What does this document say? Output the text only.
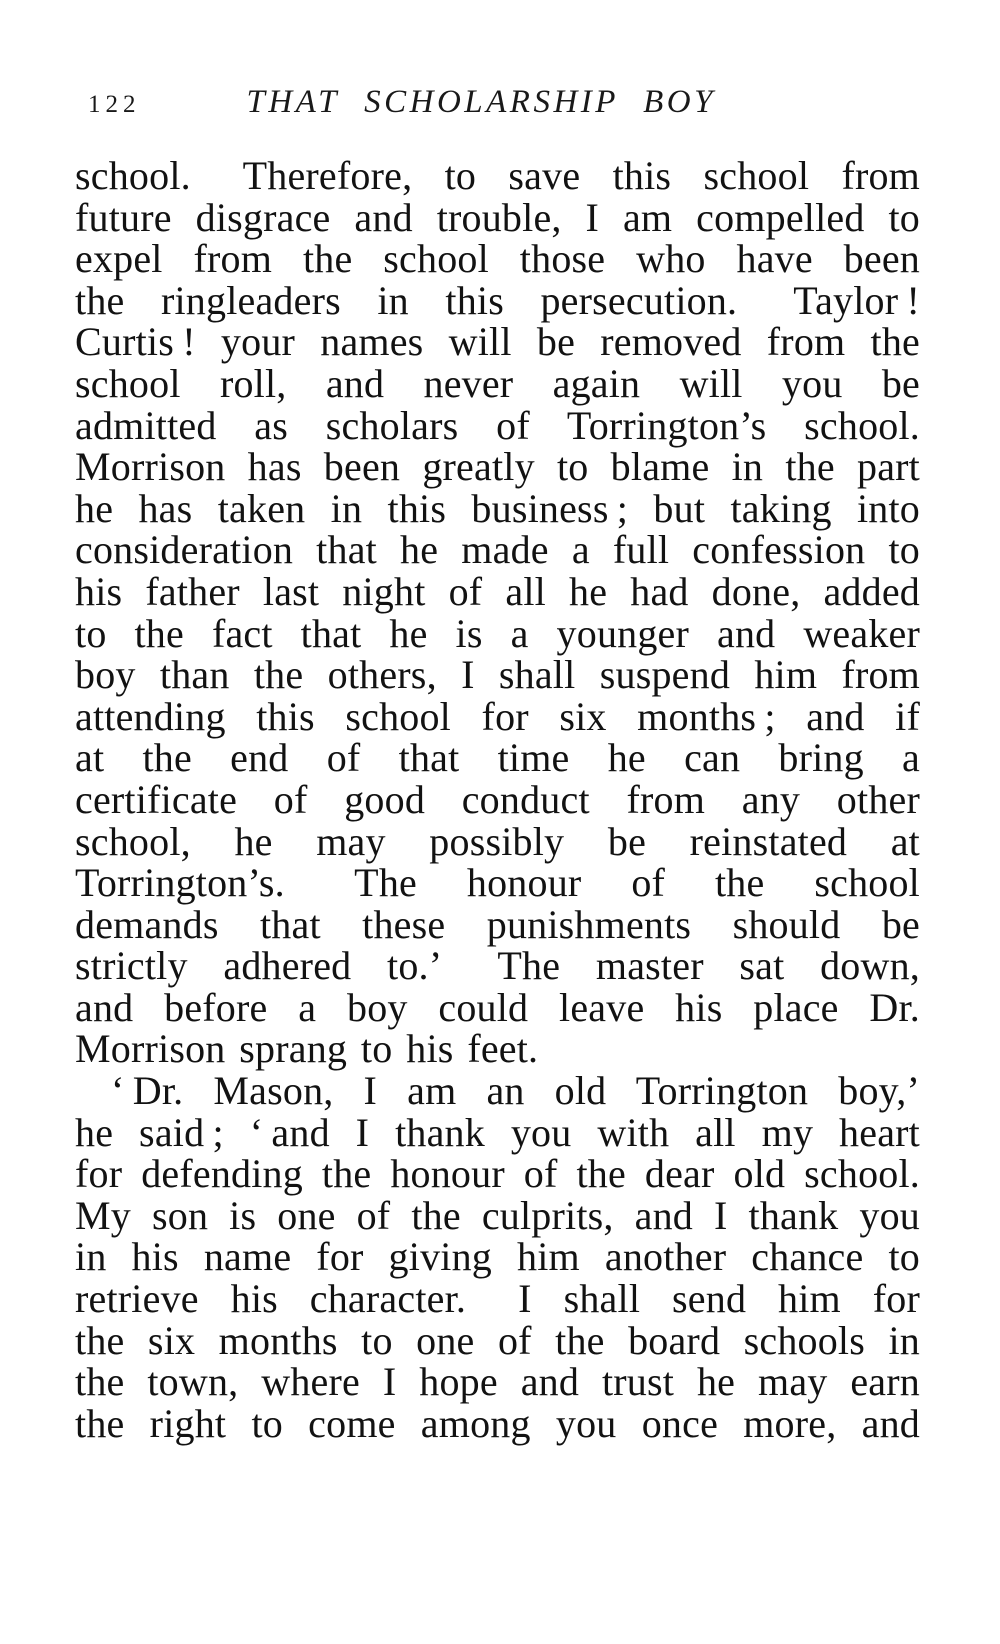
122	THAT SCHOLARSHIP BOY
school.  Therefore, to save this school from
future disgrace and trouble, I am compelled to
expel from the school those who have been
the ringleaders in this persecution.  Taylor !
Curtis ! your names will be removed from the
school roll, and never again will you be
admitted as scholars of Torrington’s school.
Morrison has been greatly to blame in the part
he has taken in this business ; but taking into
consideration that he made a full confession to
his father last night of all he had done, added
to the fact that he is a younger and weaker
boy than the others, I shall suspend him from
attending this school for six months ; and if
at the end of that time he can bring a
certificate of good conduct from any other
school, he may possibly be reinstated at
Torrington’s.  The honour of the school
demands that these punishments should be
strictly adhered to.’  The master sat down,
and before a boy could leave his place Dr.
Morrison sprang to his feet.
‘ Dr. Mason, I am an old Torrington boy,’
he said ; ‘ and I thank you with all my heart
for defending the honour of the dear old school.
My son is one of the culprits, and I thank you
in his name for giving him another chance to
retrieve his character.  I shall send him for
the six months to one of the board schools in
the town, where I hope and trust he may earn
the right to come among you once more, and
